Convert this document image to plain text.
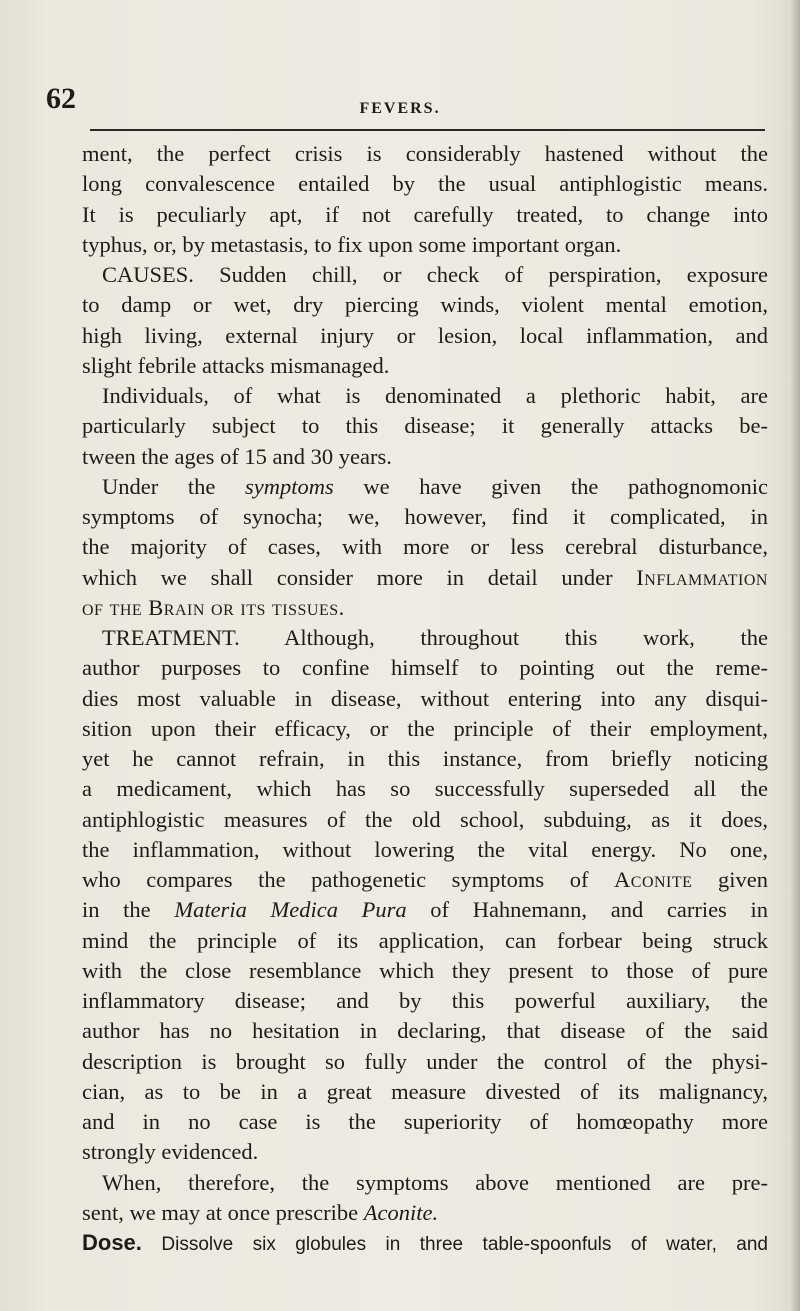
62	FEVERS.
ment, the perfect crisis is considerably hastened without the
long convalescence entailed by the usual antiphlogistic means.
It is peculiarly apt, if not carefully treated, to change into
typhus, or, by metastasis, to fix upon some important organ.
CAUSES. Sudden chill, or check of perspiration, exposure
to damp or wet, dry piercing winds, violent mental emotion,
high living, external injury or lesion, local inflammation, and
slight febrile attacks mismanaged.
Individuals, of what is denominated a plethoric habit, are
particularly subject to this disease; it generally attacks be-
tween the ages of 15 and 30 years.
Under the symptoms we have given the pathognomonic
symptoms of synocha; we, however, find it complicated, in
the majority of cases, with more or less cerebral disturbance,
which we shall consider more in detail under Inflammation
of the Brain or its tissues.
TREATMENT. Although, throughout this work, the
author purposes to confine himself to pointing out the reme-
dies most valuable in disease, without entering into any disqui-
sition upon their efficacy, or the principle of their employment,
yet he cannot refrain, in this instance, from briefly noticing
a medicament, which has so successfully superseded all the
antiphlogistic measures of the old school, subduing, as it does,
the inflammation, without lowering the vital energy. No one,
who compares the pathogenetic symptoms of Aconite given
in the Materia Medica Pura of Hahnemann, and carries in
mind the principle of its application, can forbear being struck
with the close resemblance which they present to those of pure
inflammatory disease; and by this powerful auxiliary, the
author has no hesitation in declaring, that disease of the said
description is brought so fully under the control of the physi-
cian, as to be in a great measure divested of its malignancy,
and in no case is the superiority of homœopathy more
strongly evidenced.
When, therefore, the symptoms above mentioned are pre-
sent, we may at once prescribe Aconite.
Dose. Dissolve six globules in three table-spoonfuls of water, and
